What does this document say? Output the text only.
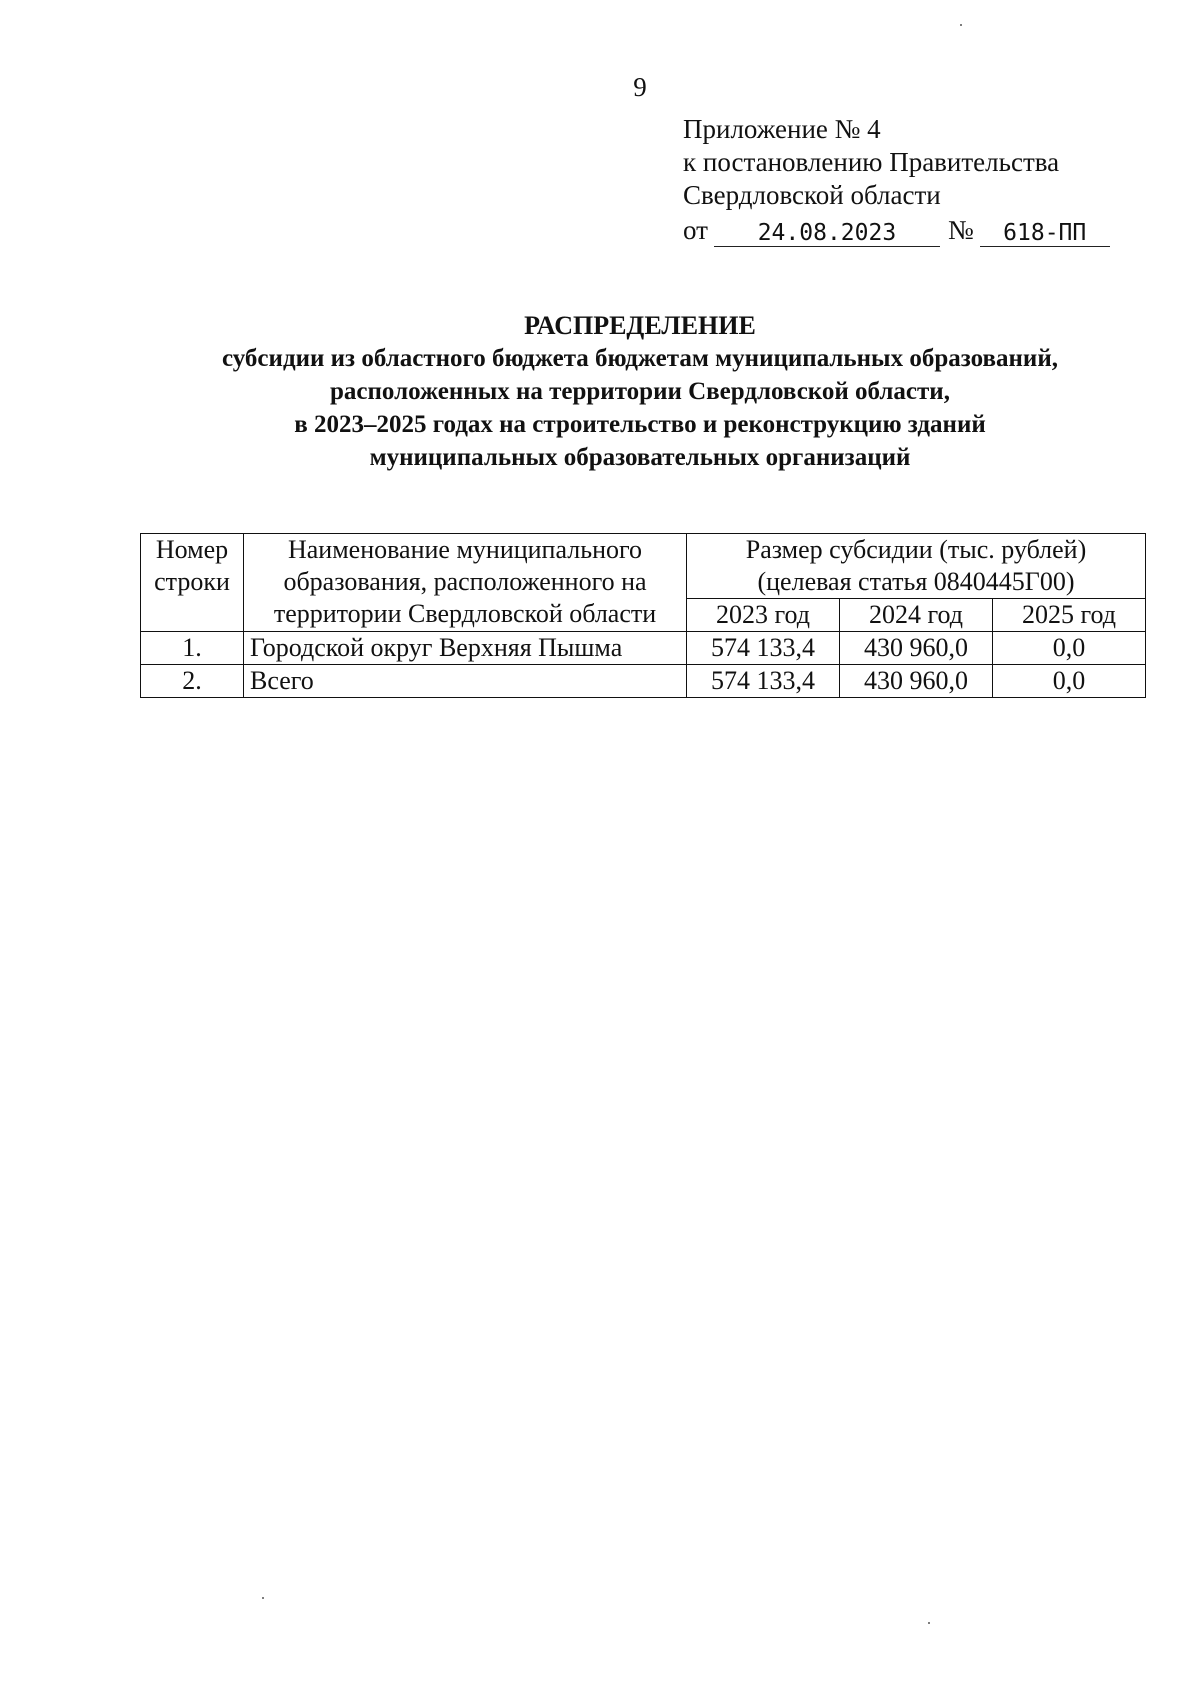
9
Приложение № 4
к постановлению Правительства
Свердловской области
от	24.08.2023	№	618-ПП
РАСПРЕДЕЛЕНИЕ
субсидии из областного бюджета бюджетам муниципальных образований,
расположенных на территории Свердловской области,
в 2023–2025 годах на строительство и реконструкцию зданий
муниципальных образовательных организаций
Номер строки	Наименование муниципального образования, расположенного на территории Свердловской области	Размер субсидии (тыс. рублей)
(целевая статья 0840445Г00)		

		2023 год	2024 год	2025 год
1.	Городской округ Верхняя Пышма	574 133,4	430 960,0	0,0
2.	Всего	574 133,4	430 960,0	0,0
